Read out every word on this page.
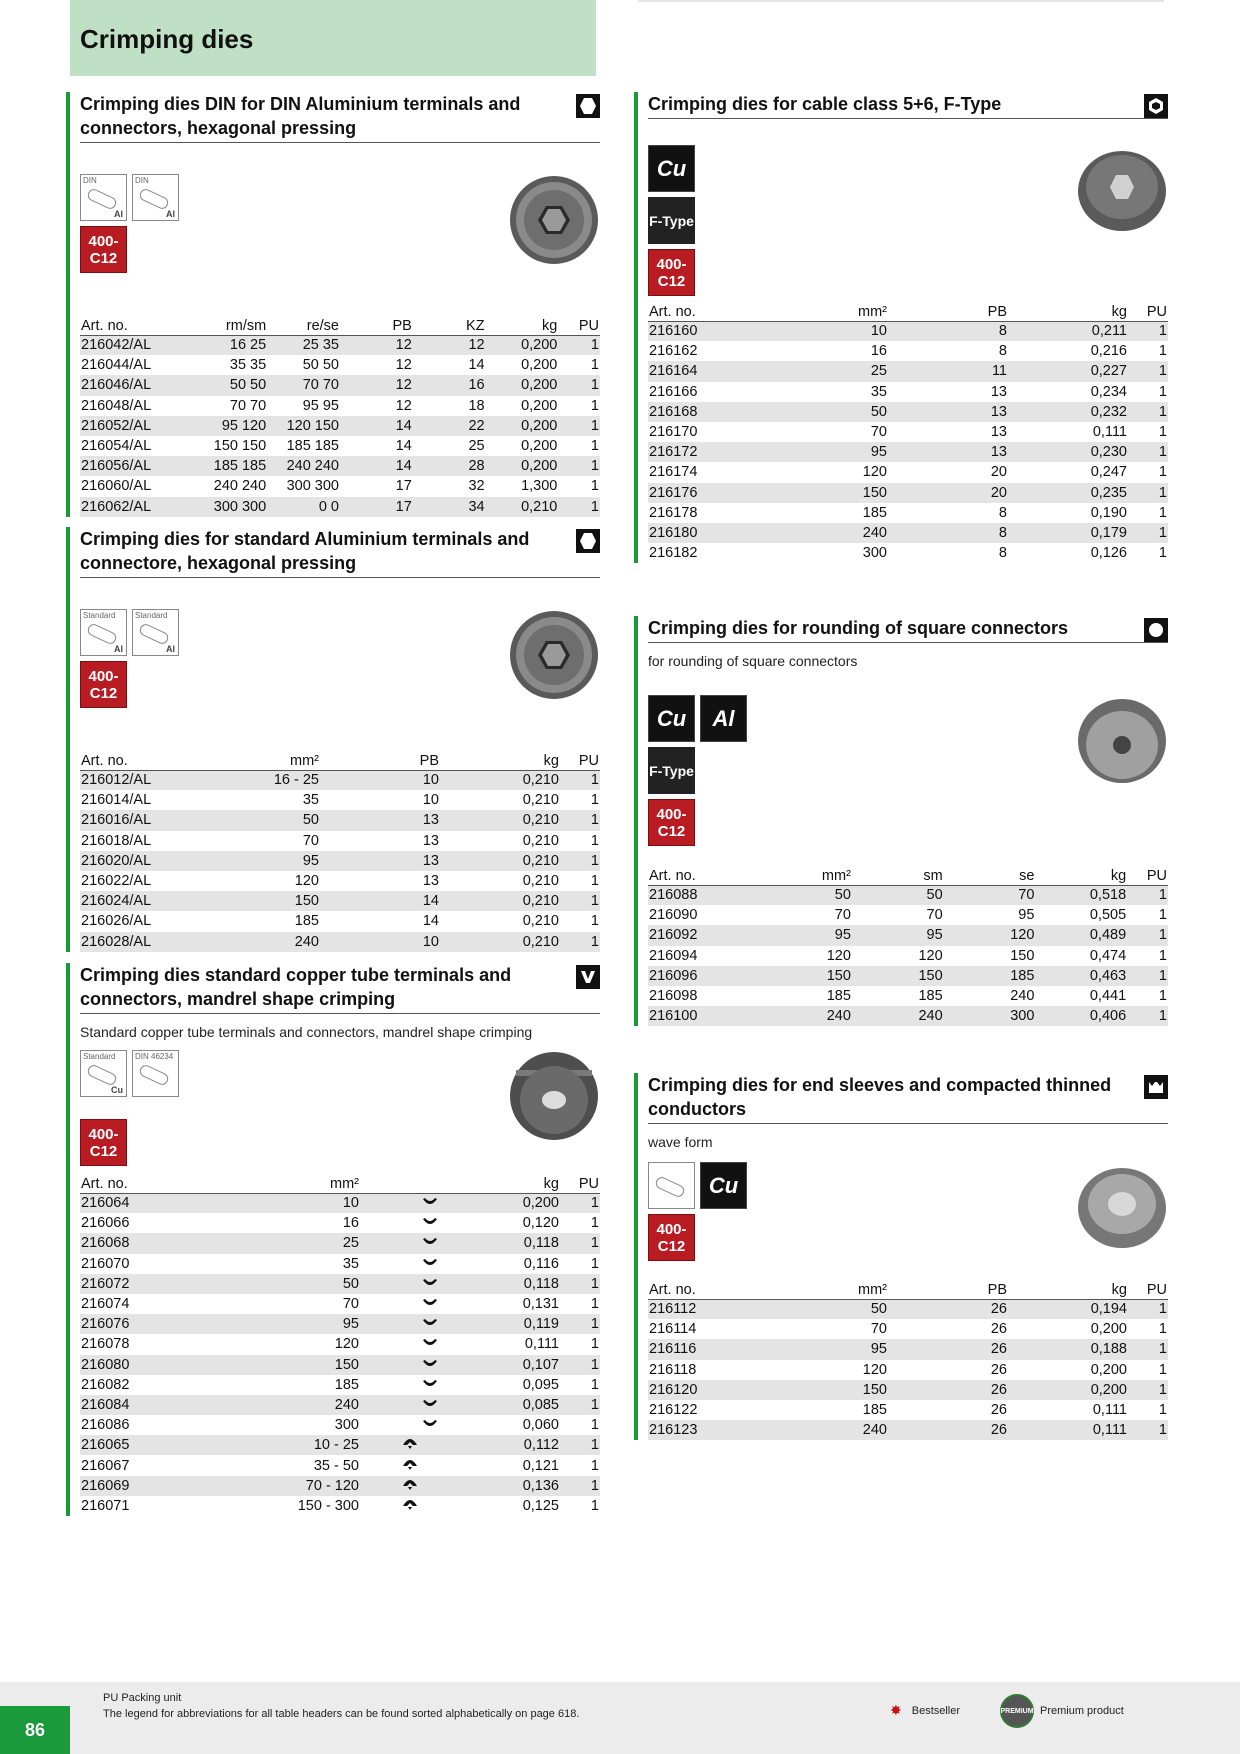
Crimping dies
Crimping dies DIN for DIN Aluminium terminals and connectors, hexagonal pressing
DIN
Al
DIN
Al
400-
C12
Art. no.	rm/sm	re/se	PB	KZ	kg	PU
216042/AL	16 25	25 35	12	12	0,200	1
216044/AL	35 35	50 50	12	14	0,200	1
216046/AL	50 50	70 70	12	16	0,200	1
216048/AL	70 70	95 95	12	18	0,200	1
216052/AL	95 120	120 150	14	22	0,200	1
216054/AL	150 150	185 185	14	25	0,200	1
216056/AL	185 185	240 240	14	28	0,200	1
216060/AL	240 240	300 300	17	32	1,300	1
216062/AL	300 300	0 0	17	34	0,210	1
Crimping dies for standard Aluminium terminals and connectore, hexagonal pressing
Standard
Al
Standard
Al
400-
C12
Art. no.	mm²	PB	kg	PU
216012/AL	16 - 25	10	0,210	1
216014/AL	35	10	0,210	1
216016/AL	50	13	0,210	1
216018/AL	70	13	0,210	1
216020/AL	95	13	0,210	1
216022/AL	120	13	0,210	1
216024/AL	150	14	0,210	1
216026/AL	185	14	0,210	1
216028/AL	240	10	0,210	1
Crimping dies standard copper tube terminals and connectors, mandrel shape crimping
Standard copper tube terminals and connectors, mandrel shape crimping
Standard
Cu
DIN 46234
400-
C12
Art. no.	mm²		kg	PU
216064	10		0,200	1
216066	16		0,120	1
216068	25		0,118	1
216070	35		0,116	1
216072	50		0,118	1
216074	70		0,131	1
216076	95		0,119	1
216078	120		0,111	1
216080	150		0,107	1
216082	185		0,095	1
216084	240		0,085	1
216086	300		0,060	1
216065	10 - 25		0,112	1
216067	35 - 50		0,121	1
216069	70 - 120		0,136	1
216071	150 - 300		0,125	1
Crimping dies for cable class 5+6, F-Type
Cu
F-Type
400-
C12
Art. no.	mm²	PB	kg	PU
216160	10	8	0,211	1
216162	16	8	0,216	1
216164	25	11	0,227	1
216166	35	13	0,234	1
216168	50	13	0,232	1
216170	70	13	0,111	1
216172	95	13	0,230	1
216174	120	20	0,247	1
216176	150	20	0,235	1
216178	185	8	0,190	1
216180	240	8	0,179	1
216182	300	8	0,126	1
Crimping dies for rounding of square connectors
for rounding of square connectors
Cu	Al
F-Type
400-
C12
Art. no.	mm²	sm	se	kg	PU
216088	50	50	70	0,518	1
216090	70	70	95	0,505	1
216092	95	95	120	0,489	1
216094	120	120	150	0,474	1
216096	150	150	185	0,463	1
216098	185	185	240	0,441	1
216100	240	240	300	0,406	1
Crimping dies for end sleeves and compacted thinned conductors
wave form
Cu
400-
C12
Art. no.	mm²	PB	kg	PU
216112	50	26	0,194	1
216114	70	26	0,200	1
216116	95	26	0,188	1
216118	120	26	0,200	1
216120	150	26	0,200	1
216122	185	26	0,111	1
216123	240	26	0,111	1
PU Packing unit
The legend for abbreviations for all table headers can be found sorted alphabetically on page 618.	✸ Bestseller	PREMIUM Premium product
86
